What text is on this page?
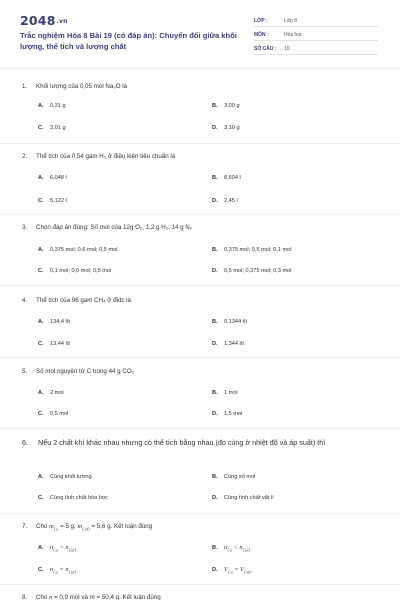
2048.vn
Trắc nghiệm Hóa 8 Bài 19 (có đáp án): Chuyển đổi giữa khối lượng, thể tích và lượng chất
LỚP :	Lớp 8
MÔN :	Hóa học
SỐ CÂU : 10
1. Khối lượng của 0,05 mol Na₂O là
A. 0,31 g	B. 3,00 g
C. 3,01 g	D. 3,10 g
2. Thể tích của 0,54 gam H₂ ở điều kiện tiêu chuẩn là
A. 6,048 l	B. 8,604 l
C. 5,122 l	D. 2,45 l
3. Chọn đáp án đúng: Số mol của 12g O₂, 1,2 g H₂, 14 g N₂
A. 0,375 mol; 0,6 mol; 0,5 mol	B. 0,375 mol; 0,5 mol; 0,1 mol
C. 0,1 mol; 0,6 mol; 0,5 mol	D. 0,5 mol; 0,375 mol; 0,3 mol
4. Thể tích của 96 gam CH₄ ở đktc là
A. 134,4 lít	B. 0,1344 lít
C. 13,44 lít	D. 1,344 lít
5. Số mol nguyên tử C trong 44 g CO₂
A. 2 mol	B. 1 mol
C. 0,5 mol	D. 1,5 mol
6. Nếu 2 chất khí khác nhau nhưng có thể tích bằng nhau (đo cùng ở nhiệt độ và áp suất) thì
A. Cùng khối lượng	B. Cùng số mol
C. Cùng tính chất hóa học	D. Cùng tính chất vật lí
7. Cho $m_{Cu} = 5$ g, $m_{CuO} = 5,6$ g. Kết luận đúng
A. $n_{Cu} > n_{CuO}$	B. $n_{Cu} < n_{CuO}$
C. $n_{Cu} = n_{CuO}$	D. $V_{Cu} = V_{CuO}$
8. Cho n = 0,9 mol và m = 50,4 g. Kết luận đúng
